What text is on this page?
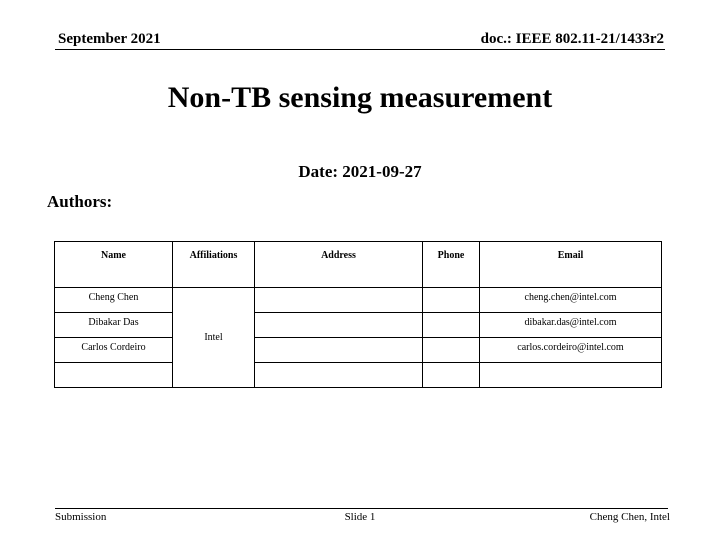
September 2021	doc.: IEEE 802.11-21/1433r2
Non-TB sensing measurement
Date: 2021-09-27
Authors:
Name	Affiliations	Address	Phone	Email
Cheng Chen	Intel			cheng.chen@intel.com
Dibakar Das				dibakar.das@intel.com
Carlos Cordeiro				carlos.cordeiro@intel.com

Submission	Slide 1	Cheng Chen, Intel
